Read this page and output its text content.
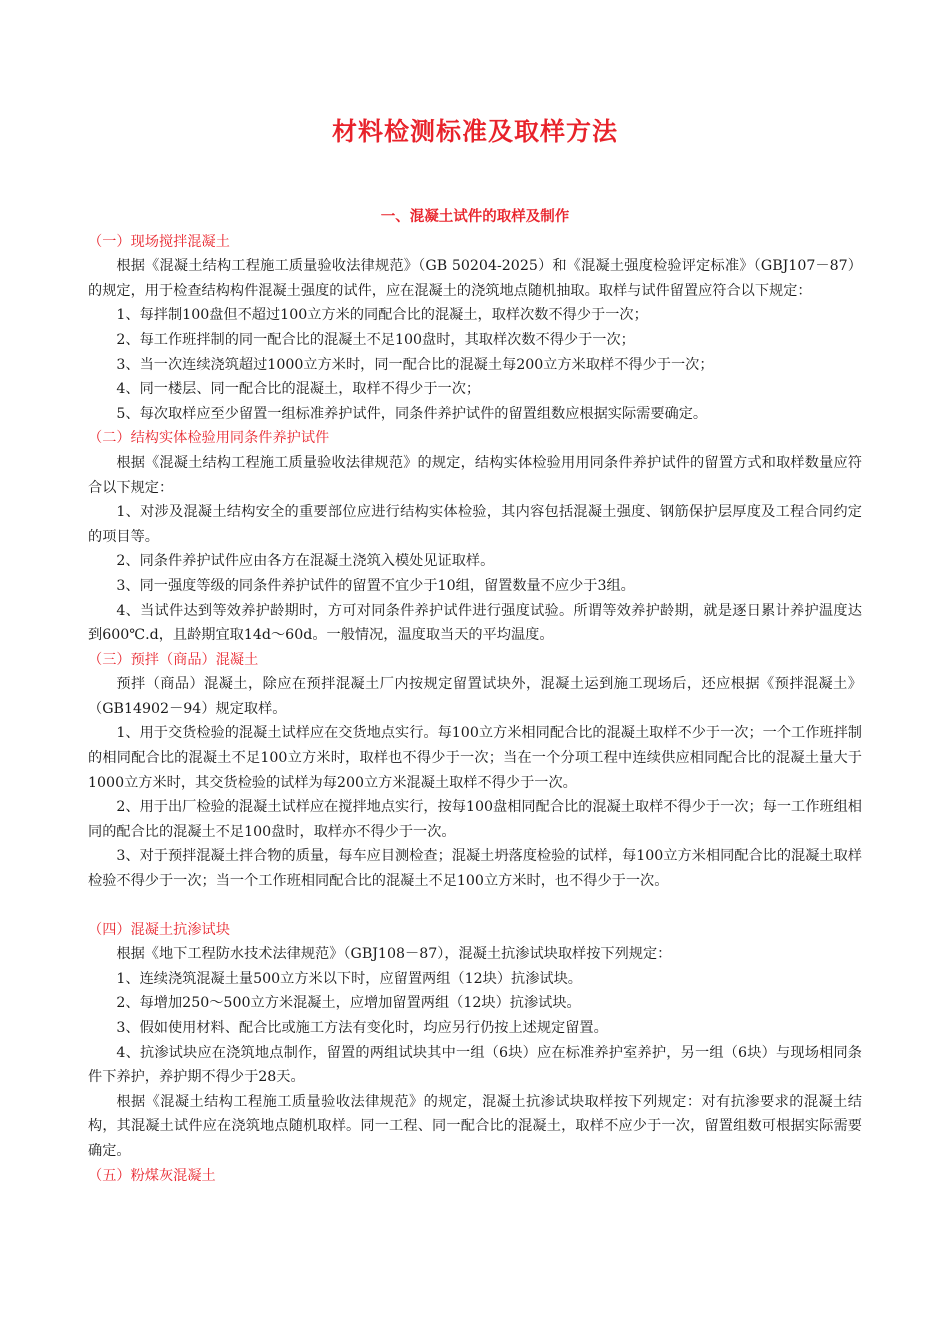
材料检测标准及取样方法
一、混凝土试件的取样及制作
（一）现场搅拌混凝土
根据《混凝土结构工程施工质量验收法律规范》（GB 50204-2025）和《混凝土强度检验评定标准》（GBJ107－87）的规定，用于检查结构构件混凝土强度的试件，应在混凝土的浇筑地点随机抽取。取样与试件留置应符合以下规定：
1、每拌制100盘但不超过100立方米的同配合比的混凝土，取样次数不得少于一次；
2、每工作班拌制的同一配合比的混凝土不足100盘时，其取样次数不得少于一次；
3、当一次连续浇筑超过1000立方米时，同一配合比的混凝土每200立方米取样不得少于一次；
4、同一楼层、同一配合比的混凝土，取样不得少于一次；
5、每次取样应至少留置一组标准养护试件，同条件养护试件的留置组数应根据实际需要确定。
（二）结构实体检验用同条件养护试件
根据《混凝土结构工程施工质量验收法律规范》的规定，结构实体检验用用同条件养护试件的留置方式和取样数量应符合以下规定：
1、对涉及混凝土结构安全的重要部位应进行结构实体检验，其内容包括混凝土强度、钢筋保护层厚度及工程合同约定的项目等。
2、同条件养护试件应由各方在混凝土浇筑入模处见证取样。
3、同一强度等级的同条件养护试件的留置不宜少于10组，留置数量不应少于3组。
4、当试件达到等效养护龄期时，方可对同条件养护试件进行强度试验。所谓等效养护龄期，就是逐日累计养护温度达到600℃.d，且龄期宜取14d～60d。一般情况，温度取当天的平均温度。
（三）预拌（商品）混凝土
预拌（商品）混凝土，除应在预拌混凝土厂内按规定留置试块外，混凝土运到施工现场后，还应根据《预拌混凝土》（GB14902－94）规定取样。
1、用于交货检验的混凝土试样应在交货地点实行。每100立方米相同配合比的混凝土取样不少于一次；一个工作班拌制的相同配合比的混凝土不足100立方米时，取样也不得少于一次；当在一个分项工程中连续供应相同配合比的混凝土量大于1000立方米时，其交货检验的试样为每200立方米混凝土取样不得少于一次。
2、用于出厂检验的混凝土试样应在搅拌地点实行，按每100盘相同配合比的混凝土取样不得少于一次；每一工作班组相同的配合比的混凝土不足100盘时，取样亦不得少于一次。
3、对于预拌混凝土拌合物的质量，每车应目测检查；混凝土坍落度检验的试样，每100立方米相同配合比的混凝土取样检验不得少于一次；当一个工作班相同配合比的混凝土不足100立方米时，也不得少于一次。
（四）混凝土抗渗试块
根据《地下工程防水技术法律规范》（GBJ108－87），混凝土抗渗试块取样按下列规定：
1、连续浇筑混凝土量500立方米以下时，应留置两组（12块）抗渗试块。
2、每增加250～500立方米混凝土，应增加留置两组（12块）抗渗试块。
3、假如使用材料、配合比或施工方法有变化时，均应另行仍按上述规定留置。
4、抗渗试块应在浇筑地点制作，留置的两组试块其中一组（6块）应在标准养护室养护，另一组（6块）与现场相同条件下养护，养护期不得少于28天。
根据《混凝土结构工程施工质量验收法律规范》的规定，混凝土抗渗试块取样按下列规定：对有抗渗要求的混凝土结构，其混凝土试件应在浇筑地点随机取样。同一工程、同一配合比的混凝土，取样不应少于一次，留置组数可根据实际需要确定。
（五）粉煤灰混凝土
